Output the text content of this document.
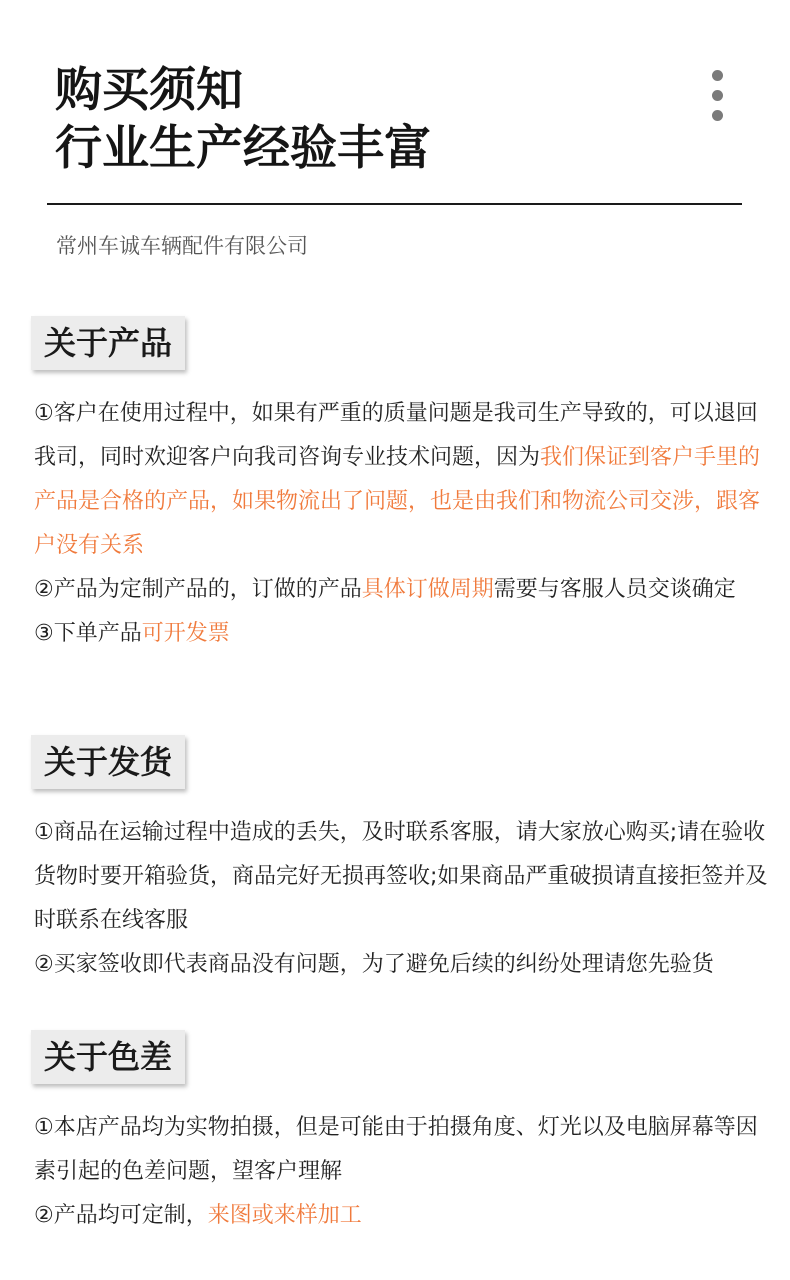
购买须知
行业生产经验丰富
常州车诚车辆配件有限公司
关于产品

①客户在使用过程中，如果有严重的质量问题是我司生产导致的，可以退回我司，同时欢迎客户向我司咨询专业技术问题，因为我们保证到客户手里的产品是合格的产品，如果物流出了问题，也是由我们和物流公司交涉，跟客户没有关系

②产品为定制产品的，订做的产品具体订做周期需要与客服人员交谈确定

③下单产品可开发票

关于发货

①商品在运输过程中造成的丢失，及时联系客服，请大家放心购买;请在验收货物时要开箱验货，商品完好无损再签收;如果商品严重破损请直接拒签并及时联系在线客服

②买家签收即代表商品没有问题，为了避免后续的纠纷处理请您先验货

关于色差

①本店产品均为实物拍摄，但是可能由于拍摄角度、灯光以及电脑屏幕等因素引起的色差问题，望客户理解

②产品均可定制，来图或来样加工
